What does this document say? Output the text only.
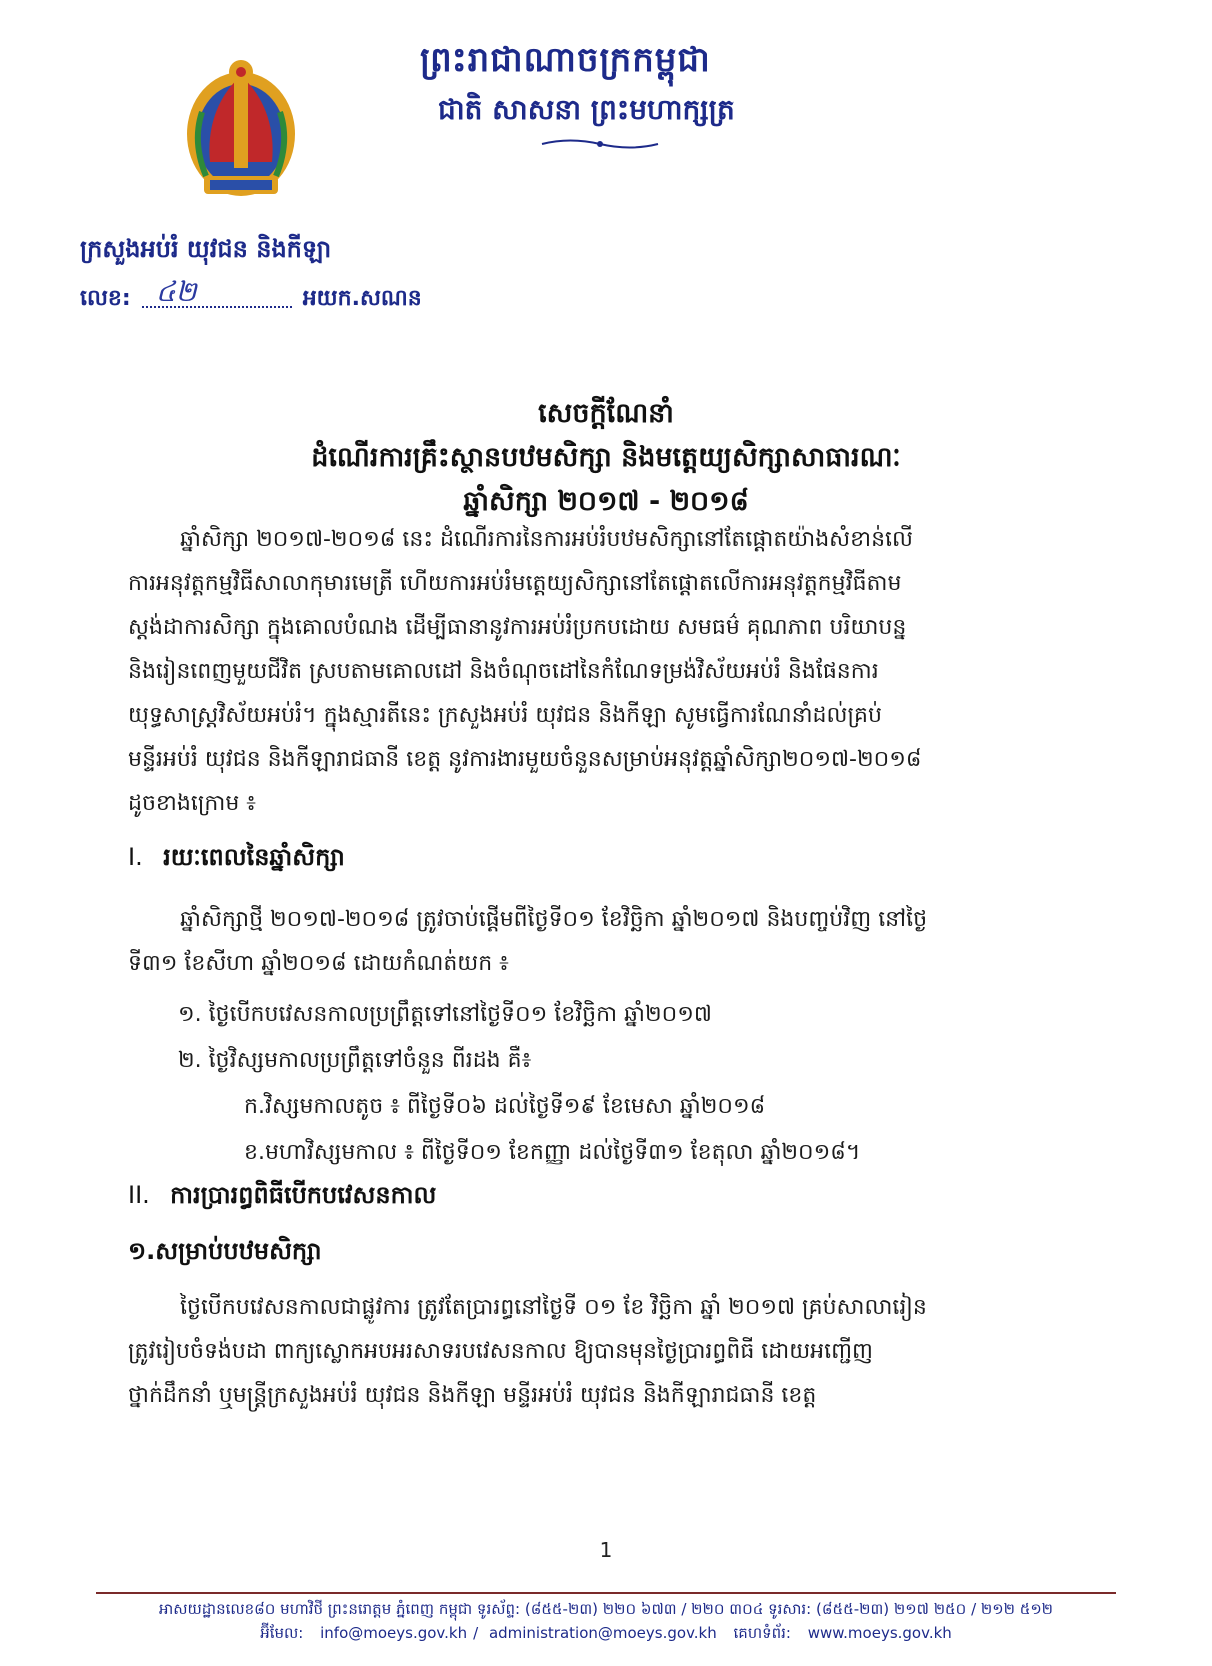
ព្រះរាជាណាចក្រកម្ពុជា
ជាតិ សាសនា ព្រះមហាក្សត្រ
ក្រសួងអប់រំ យុវជន និងកីឡា
លេខ: ៤២	អយក.សណន
សេចក្តីណែនាំ
ដំណើរការគ្រឹះស្ថានបឋមសិក្សា និងមត្តេយ្យសិក្សាសាធារណៈ
ឆ្នាំសិក្សា ២០១៧ - ២០១៨
ឆ្នាំសិក្សា ២០១៧-២០១៨ នេះ ដំណើរការនៃការអប់រំបឋមសិក្សានៅតែផ្តោតយ៉ាងសំខាន់លើ
ការអនុវត្តកម្មវិធីសាលាកុមារមេត្រី ហើយការអប់រំមត្តេយ្យសិក្សានៅតែផ្តោតលើការអនុវត្តកម្មវិធីតាម
ស្តង់ដាការសិក្សា ក្នុងគោលបំណង ដើម្បីធានានូវការអប់រំប្រកបដោយ សមធម៌ គុណភាព បរិយាបន្ន
និងរៀនពេញមួយជីវិត ស្របតាមគោលដៅ និងចំណុចដៅនៃកំណែទម្រង់វិស័យអប់រំ និងផែនការ
យុទ្ធសាស្ត្រវិស័យអប់រំ។ ក្នុងស្មារតីនេះ ក្រសួងអប់រំ យុវជន និងកីឡា សូមធ្វើការណែនាំដល់គ្រប់
មន្ទីរអប់រំ យុវជន និងកីឡារាជធានី ខេត្ត នូវការងារមួយចំនួនសម្រាប់អនុវត្តឆ្នាំសិក្សា២០១៧-២០១៨
ដូចខាងក្រោម ៖
I. រយៈពេលនៃឆ្នាំសិក្សា
ឆ្នាំសិក្សាថ្មី ២០១៧-២០១៨ ត្រូវចាប់ផ្តើមពីថ្ងៃទី០១ ខែវិច្ឆិកា ឆ្នាំ២០១៧ និងបញ្ចប់វិញ នៅថ្ងៃ
ទី៣១ ខែសីហា ឆ្នាំ២០១៨ ដោយកំណត់យក ៖
១. ថ្ងៃបើកបវេសនកាលប្រព្រឹត្តទៅនៅថ្ងៃទី០១ ខែវិច្ឆិកា ឆ្នាំ២០១៧
២. ថ្ងៃវិស្សមកាលប្រព្រឹត្តទៅចំនួន ពីរដង គឺ៖
ក.វិស្សមកាលតូច ៖ ពីថ្ងៃទី០៦ ដល់ថ្ងៃទី១៩ ខែមេសា ឆ្នាំ២០១៨
ខ.មហាវិស្សមកាល ៖ ពីថ្ងៃទី០១ ខែកញ្ញា ដល់ថ្ងៃទី៣១ ខែតុលា ឆ្នាំ២០១៨។
II. ការប្រារព្ធពិធីបើកបវេសនកាល
១.សម្រាប់បឋមសិក្សា
ថ្ងៃបើកបវេសនកាលជាផ្លូវការ ត្រូវតែប្រារព្ធនៅថ្ងៃទី ០១ ខែ វិច្ឆិកា ឆ្នាំ ២០១៧ គ្រប់សាលារៀន
ត្រូវរៀបចំទង់បដា ពាក្យស្លោកអបអរសាទរបវេសនកាល ឱ្យបានមុនថ្ងៃប្រារព្ធពិធី ដោយអញ្ជើញ
ថ្នាក់ដឹកនាំ ឬមន្ត្រីក្រសួងអប់រំ យុវជន និងកីឡា មន្ទីរអប់រំ យុវជន និងកីឡារាជធានី ខេត្ត
1
អាសយដ្ឋានលេខ៨០ មហាវិថី ព្រះនរោត្តម ភ្នំពេញ កម្ពុជា ទូរស័ព្ទ: (៨៥៥-២៣) ២២០ ៦៧៣ / ២២០ ៣០៤ ទូរសារ: (៨៥៥-២៣) ២១៧ ២៥០ / ២១២ ៥១២
អ៊ីមែល: info@moeys.gov.kh / administration@moeys.gov.kh គេហទំព័រ: www.moeys.gov.kh
